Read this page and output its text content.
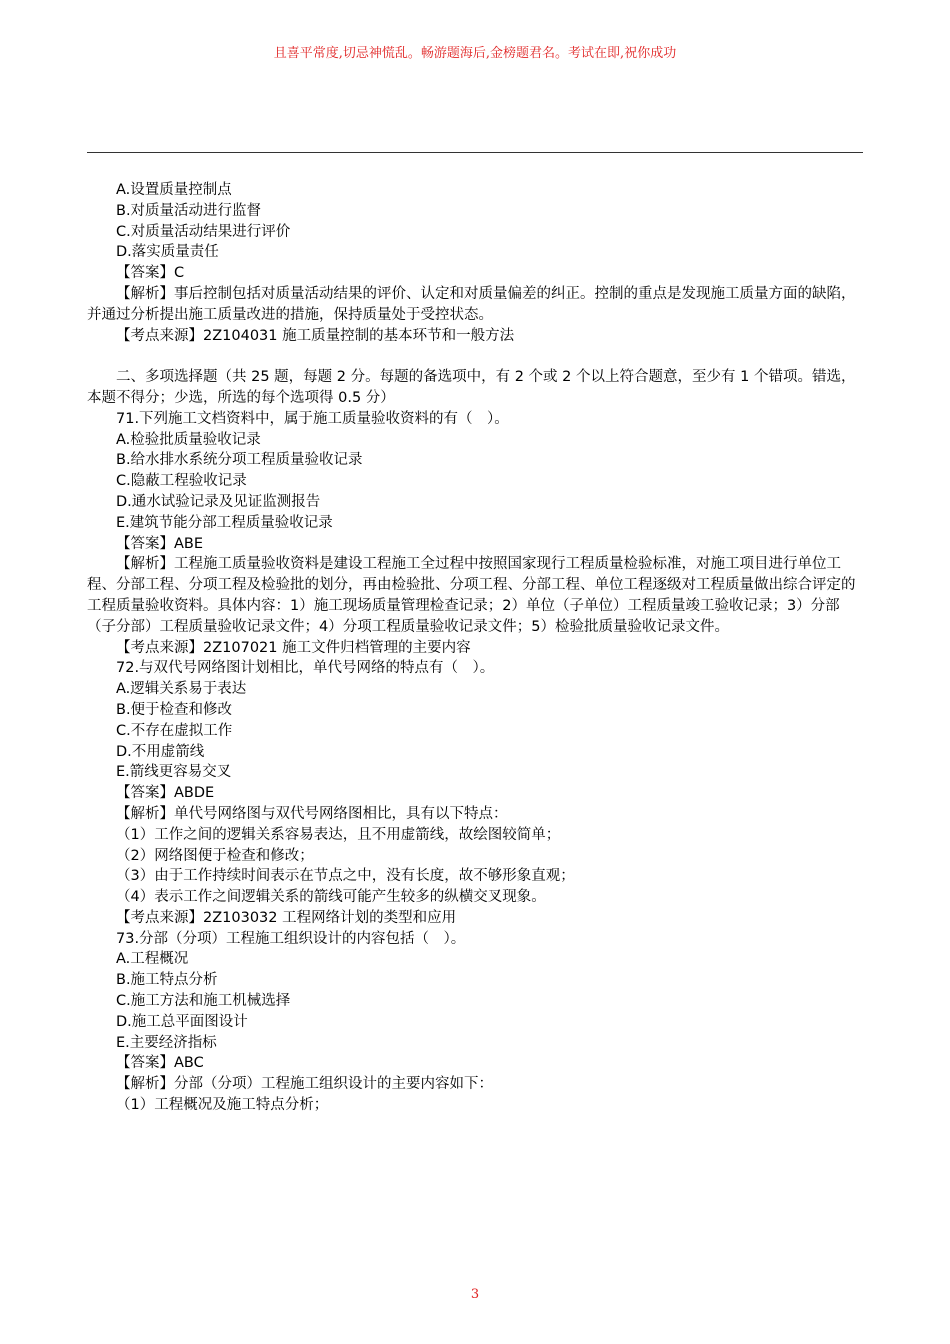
且喜平常度,切忌神慌乱。畅游题海后,金榜题君名。考试在即,祝你成功

A.设置质量控制点

B.对质量活动进行监督

C.对质量活动结果进行评价

D.落实质量责任

【答案】C

【解析】事后控制包括对质量活动结果的评价、认定和对质量偏差的纠正。控制的重点是发现施工质量方面的缺陷，并通过分析提出施工质量改进的措施，保持质量处于受控状态。

【考点来源】2Z104031 施工质量控制的基本环节和一般方法

二、多项选择题（共 25 题，每题 2 分。每题的备选项中，有 2 个或 2 个以上符合题意，至少有 1 个错项。错选，本题不得分；少选，所选的每个选项得 0.5 分）

71.下列施工文档资料中，属于施工质量验收资料的有（　）。

A.检验批质量验收记录

B.给水排水系统分项工程质量验收记录

C.隐蔽工程验收记录

D.通水试验记录及见证监测报告

E.建筑节能分部工程质量验收记录

【答案】ABE

【解析】工程施工质量验收资料是建设工程施工全过程中按照国家现行工程质量检验标准，对施工项目进行单位工程、分部工程、分项工程及检验批的划分，再由检验批、分项工程、分部工程、单位工程逐级对工程质量做出综合评定的工程质量验收资料。具体内容：1）施工现场质量管理检查记录；2）单位（子单位）工程质量竣工验收记录；3）分部（子分部）工程质量验收记录文件；4）分项工程质量验收记录文件；5）检验批质量验收记录文件。

【考点来源】2Z107021 施工文件归档管理的主要内容

72.与双代号网络图计划相比，单代号网络的特点有（　）。

A.逻辑关系易于表达

B.便于检查和修改

C.不存在虚拟工作

D.不用虚箭线

E.箭线更容易交叉

【答案】ABDE

【解析】单代号网络图与双代号网络图相比，具有以下特点：

（1）工作之间的逻辑关系容易表达，且不用虚箭线，故绘图较简单；

（2）网络图便于检查和修改；

（3）由于工作持续时间表示在节点之中，没有长度，故不够形象直观；

（4）表示工作之间逻辑关系的箭线可能产生较多的纵横交叉现象。

【考点来源】2Z103032 工程网络计划的类型和应用

73.分部（分项）工程施工组织设计的内容包括（　）。

A.工程概况

B.施工特点分析

C.施工方法和施工机械选择

D.施工总平面图设计

E.主要经济指标

【答案】ABC

【解析】分部（分项）工程施工组织设计的主要内容如下：

（1）工程概况及施工特点分析；

3
